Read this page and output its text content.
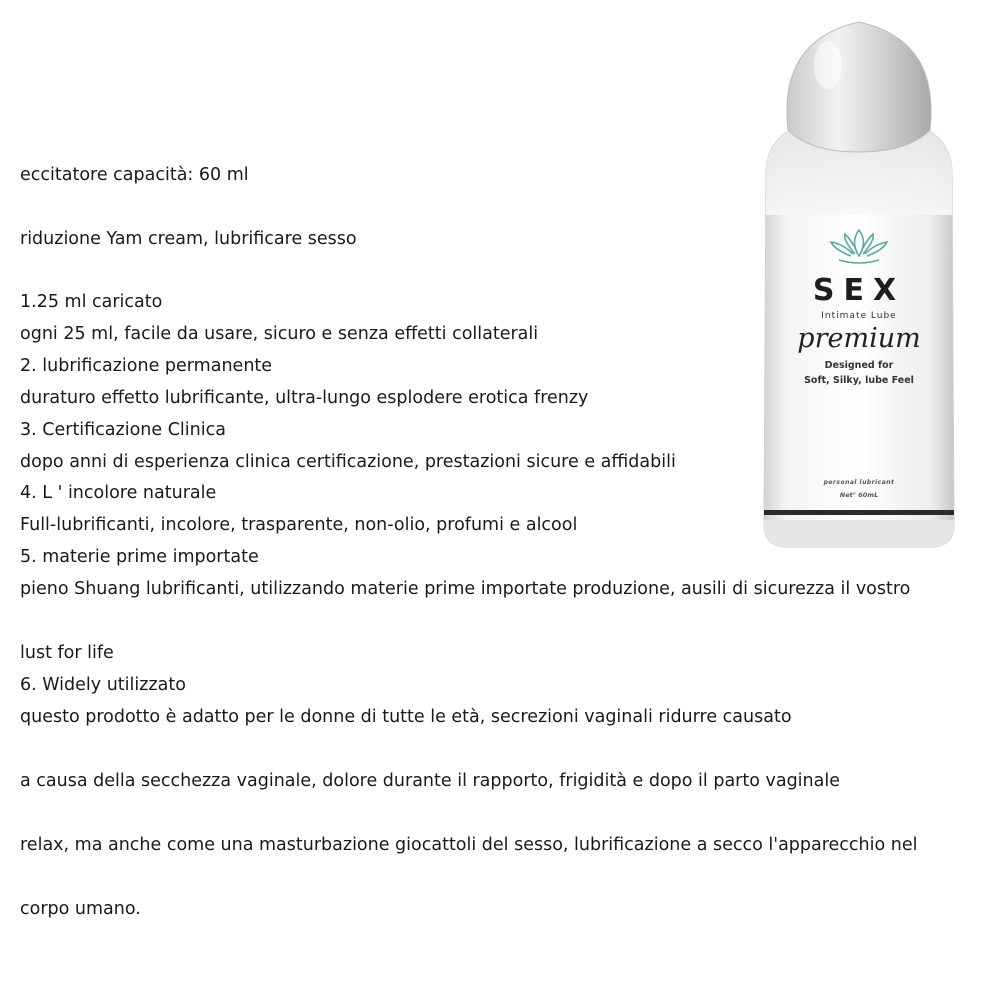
eccitatore capacità: 60 ml
riduzione Yam cream, lubrificare sesso
1.25 ml caricato
ogni 25 ml, facile da usare, sicuro e senza effetti collaterali
2. lubrificazione permanente
duraturo effetto lubrificante, ultra-lungo esplodere erotica frenzy
3. Certificazione Clinica
dopo anni di esperienza clinica certificazione, prestazioni sicure e affidabili
4. L ' incolore naturale
Full-lubrificanti, incolore, trasparente, non-olio, profumi e alcool
5. materie prime importate
pieno Shuang lubrificanti, utilizzando materie prime importate produzione, ausili di sicurezza il vostro
lust for life
6. Widely utilizzato
questo prodotto è adatto per le donne di tutte le età, secrezioni vaginali ridurre causato
a causa della secchezza vaginale, dolore durante il rapporto, frigidità e dopo il parto vaginale
relax, ma anche come una masturbazione giocattoli del sesso, lubrificazione a secco l'apparecchio nel
corpo umano.
SEX
Intimate Lube
premium
Designed for
Soft, Silky, lube Feel
personal lubricant
Net° 60mL
